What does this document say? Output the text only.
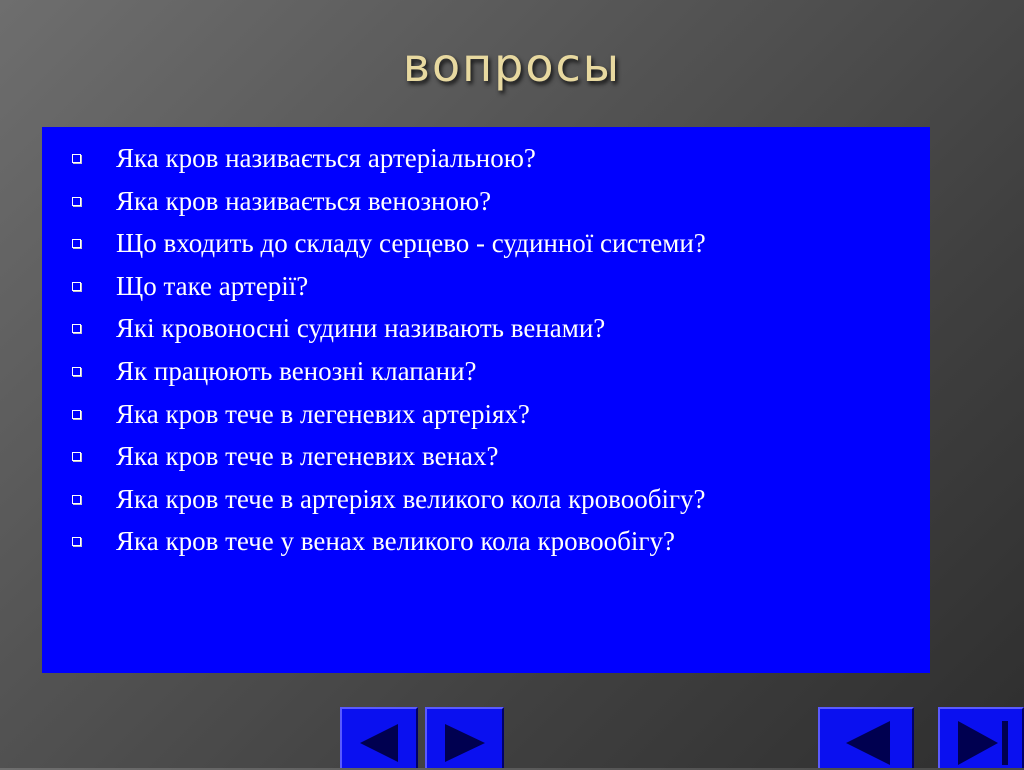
вопросы
Яка кров називається артеріальною?
Яка кров називається венозною?
Що входить до складу серцево - судинної системи?
Що таке артерії?
Які кровоносні судини називають венами?
Як працюють венозні клапани?
Яка кров тече в легеневих артеріях?
Яка кров тече в легеневих венах?
Яка кров тече в артеріях великого кола кровообігу?
Яка кров тече у венах великого кола кровообігу?
